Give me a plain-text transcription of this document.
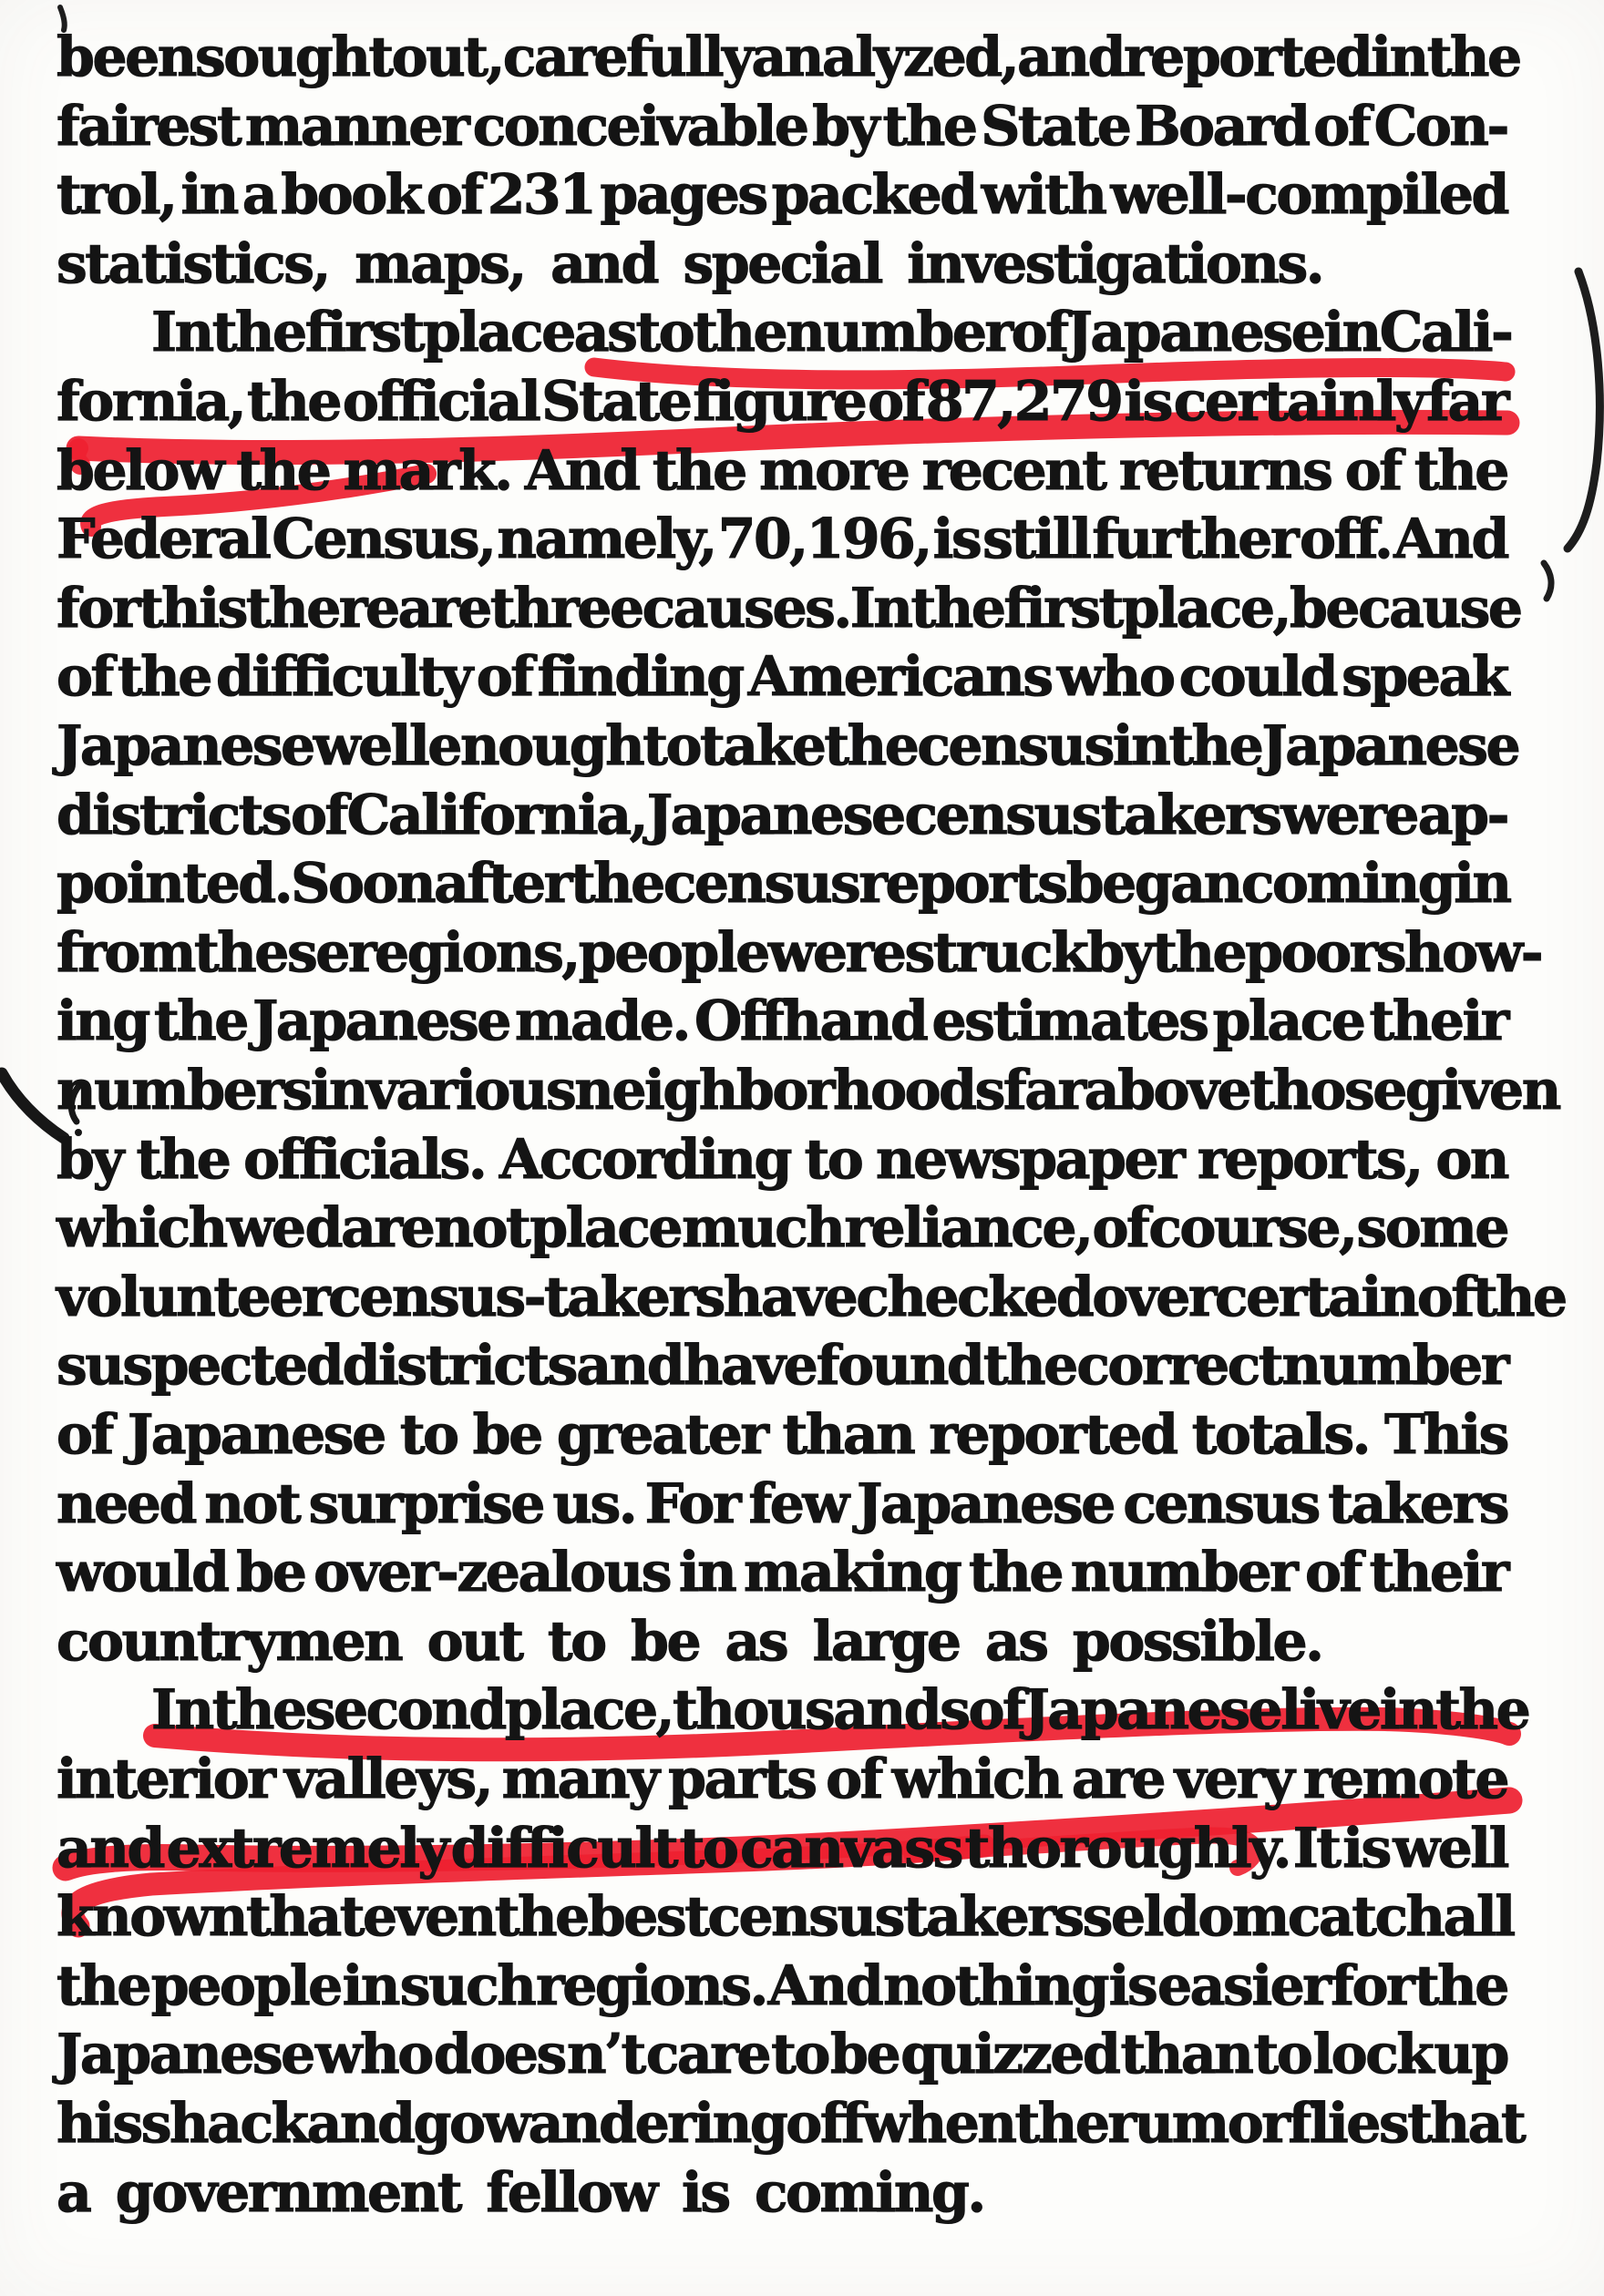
been sought out, carefully analyzed, and reported in the
fairest manner conceivable by the State Board of Con-
trol, in a book of 231 pages packed with well-compiled
statistics, maps, and special investigations.
In the first place as to the number of Japanese in Cali-
fornia, the official State figure of 87,279 is certainly far
below the mark. And the more recent returns of the
Federal Census, namely, 70,196, is still further off. And
for this there are three causes. In the first place, because
of the difficulty of finding Americans who could speak
Japanese well enough to take the census in the Japanese
districts of California, Japanese census takers were ap-
pointed. Soon after the census reports began coming in
from these regions, people were struck by the poor show-
ing the Japanese made. Offhand estimates place their
numbers in various neighborhoods far above those given
by the officials. According to newspaper reports, on
which we dare not place much reliance, of course, some
volunteer census-takers have checked over certain of the
suspected districts and have found the correct number
of Japanese to be greater than reported totals. This
need not surprise us. For few Japanese census takers
would be over-zealous in making the number of their
countrymen out to be as large as possible.
In the second place, thousands of Japanese live in the
interior valleys, many parts of which are very remote
and extremely difficult to canvass thoroughly. It is well
known that even the best census takers seldom catch all
the people in such regions. And nothing is easier for the
Japanese who does n’t care to be quizzed than to lock up
his shack and go wandering off when the rumor flies that
a government fellow is coming.
